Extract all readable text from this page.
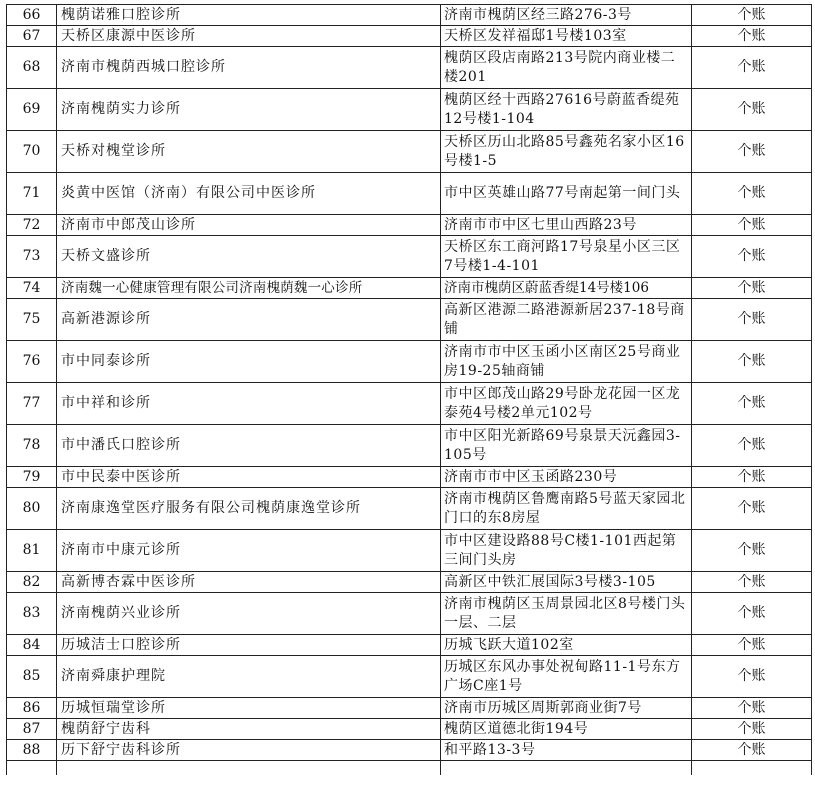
66	槐荫诺雅口腔诊所	济南市槐荫区经三路276-3号	个账
67	天桥区康源中医诊所	天桥区发祥福邸1号楼103室	个账
68	济南市槐荫西城口腔诊所	槐荫区段店南路213号院内商业楼二楼201	个账
69	济南槐荫实力诊所	槐荫区经十西路27616号蔚蓝香缇苑12号楼1-104	个账
70	天桥对槐堂诊所	天桥区历山北路85号鑫苑名家小区16号楼1-5	个账
71	炎黄中医馆（济南）有限公司中医诊所	市中区英雄山路77号南起第一间门头	个账
72	济南市中郎茂山诊所	济南市市中区七里山西路23号	个账
73	天桥文盛诊所	天桥区东工商河路17号泉星小区三区7号楼1-4-101	个账
74	济南魏一心健康管理有限公司济南槐荫魏一心诊所	济南市槐荫区蔚蓝香缇14号楼106	个账
75	高新港源诊所	高新区港源二路港源新居237-18号商铺	个账
76	市中同泰诊所	济南市市中区玉函小区南区25号商业房19-25轴商铺	个账
77	市中祥和诊所	市中区郎茂山路29号卧龙花园一区龙泰苑4号楼2单元102号	个账
78	市中潘氏口腔诊所	市中区阳光新路69号泉景天沅鑫园3-105号	个账
79	市中民泰中医诊所	济南市市中区玉函路230号	个账
80	济南康逸堂医疗服务有限公司槐荫康逸堂诊所	济南市槐荫区鲁鹰南路5号蓝天家园北门口的东8房屋	个账
81	济南市中康元诊所	市中区建设路88号C楼1-101西起第三间门头房	个账
82	高新博杏霖中医诊所	高新区中铁汇展国际3号楼3-105	个账
83	济南槐荫兴业诊所	济南市槐荫区玉周景园北区8号楼门头一层、二层	个账
84	历城洁士口腔诊所	历城飞跃大道102室	个账
85	济南舜康护理院	历城区东风办事处祝甸路11-1号东方广场C座1号	个账
86	历城恒瑞堂诊所	济南市历城区周斯郭商业街7号	个账
87	槐荫舒宁齿科	槐荫区道德北街194号	个账
88	历下舒宁齿科诊所	和平路13-3号	个账
